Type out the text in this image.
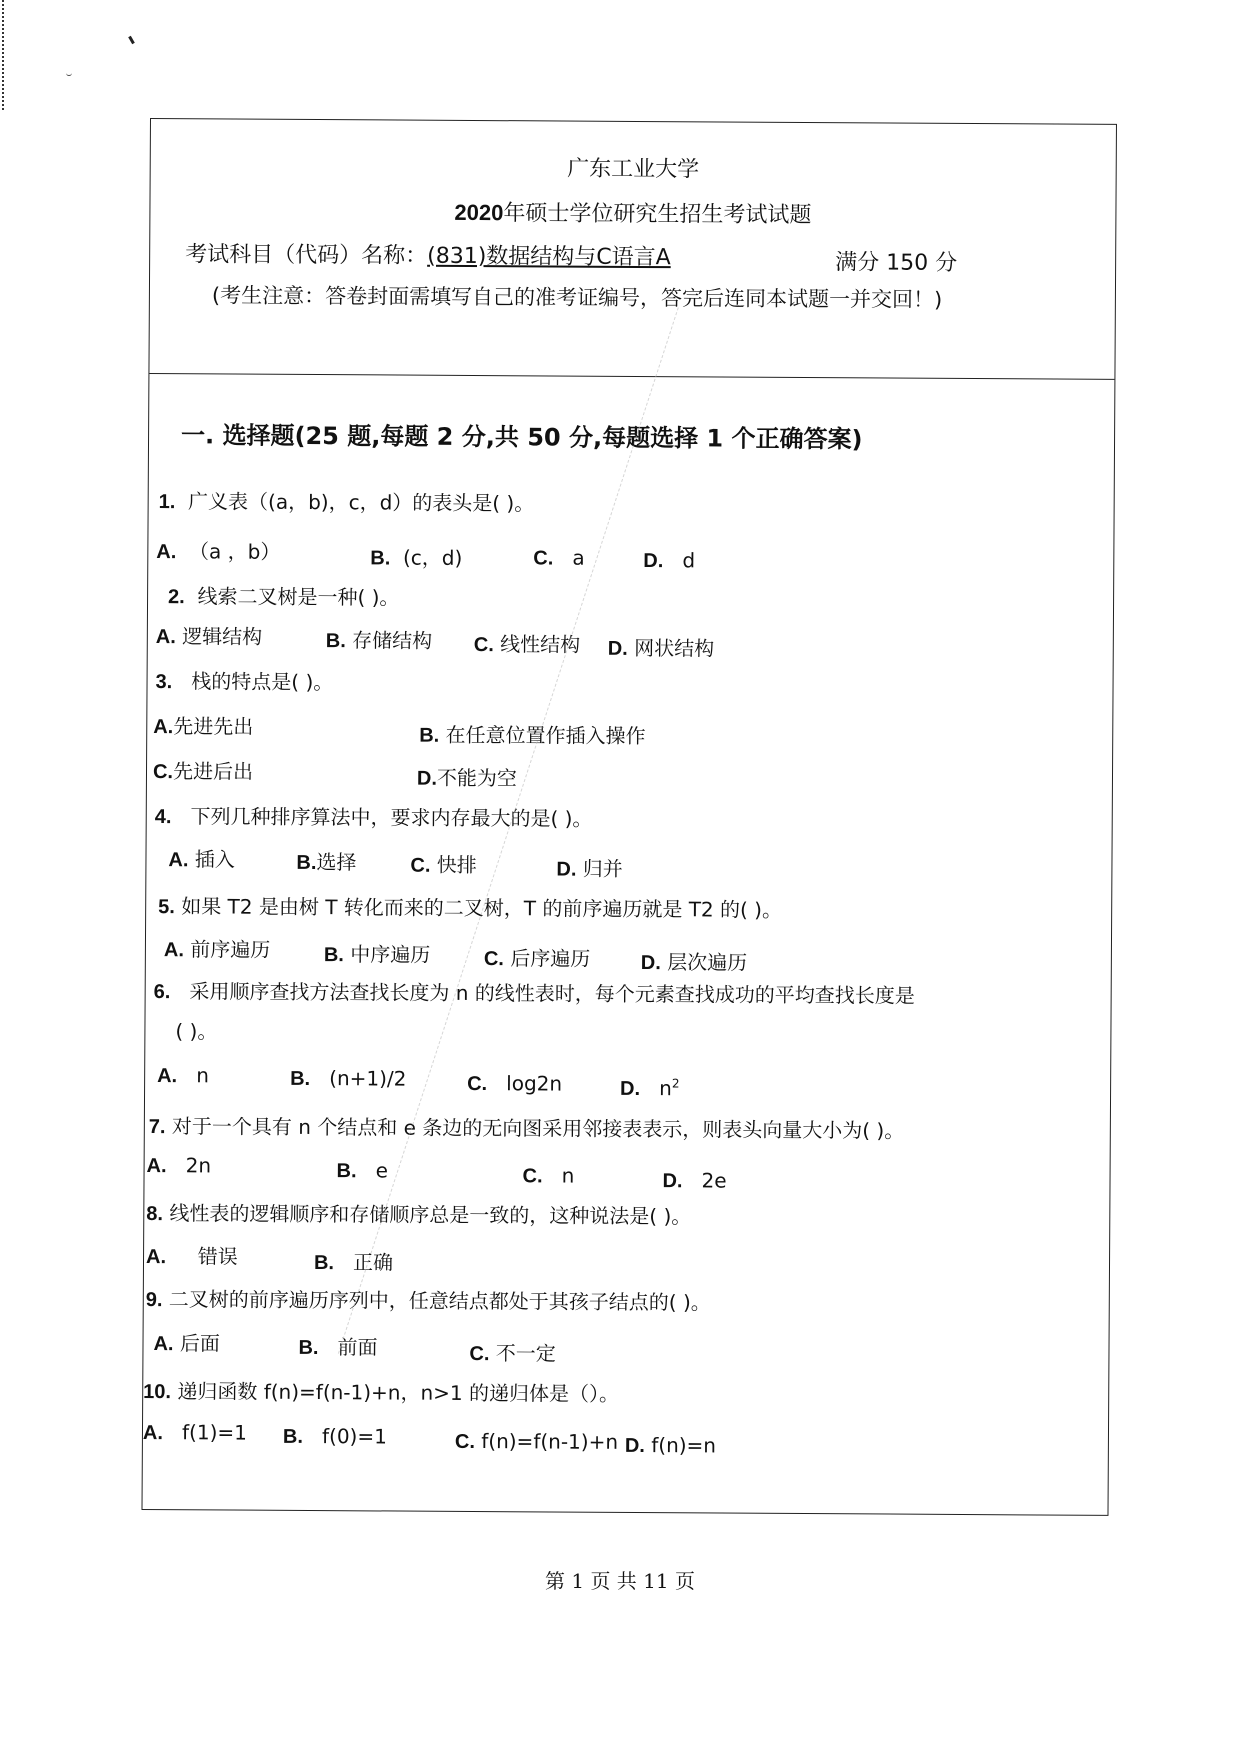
广东工业大学
2020年硕士学位研究生招生考试试题
考试科目（代码）名称：(831)数据结构与C语言A	满分 150 分
(考生注意：答卷封面需填写自己的准考证编号，答完后连同本试题一并交回！)
一. 选择题(25 题,每题 2 分,共 50 分,每题选择 1 个正确答案)
1. 广义表（(a，b)，c，d）的表头是( )。
A. （a ，b）	B. (c，d)	C. a	D. d
2. 线索二叉树是一种( )。
A. 逻辑结构	B. 存储结构 C. 线性结构 D. 网状结构
3. 栈的特点是( )。
A.先进先出	B. 在任意位置作插入操作
C.先进后出	D.不能为空
4. 下列几种排序算法中，要求内存最大的是( )。
A. 插入	B.选择	C. 快排	D. 归并
5. 如果 T2 是由树 T 转化而来的二叉树，T 的前序遍历就是 T2 的( )。
A. 前序遍历	B. 中序遍历	C. 后序遍历	D. 层次遍历
6. 采用顺序查找方法查找长度为 n 的线性表时，每个元素查找成功的平均查找长度是
( )。
A. n	B. (n+1)/2	C. log2n	D. $n^2$
7. 对于一个具有 n 个结点和 e 条边的无向图采用邻接表表示，则表头向量大小为( )。
A. 2n	B. e	C. n	D. 2e
8. 线性表的逻辑顺序和存储顺序总是一致的，这种说法是( )。
A. 错误	B. 正确
9. 二叉树的前序遍历序列中，任意结点都处于其孩子结点的( )。
A. 后面	B. 前面	C. 不一定
10. 递归函数 f(n)=f(n-1)+n，n>1 的递归体是（）。
A. f(1)=1 B. f(0)=1	C. f(n)=f(n-1)+n D. f(n)=n
第 1 页 共 11 页
